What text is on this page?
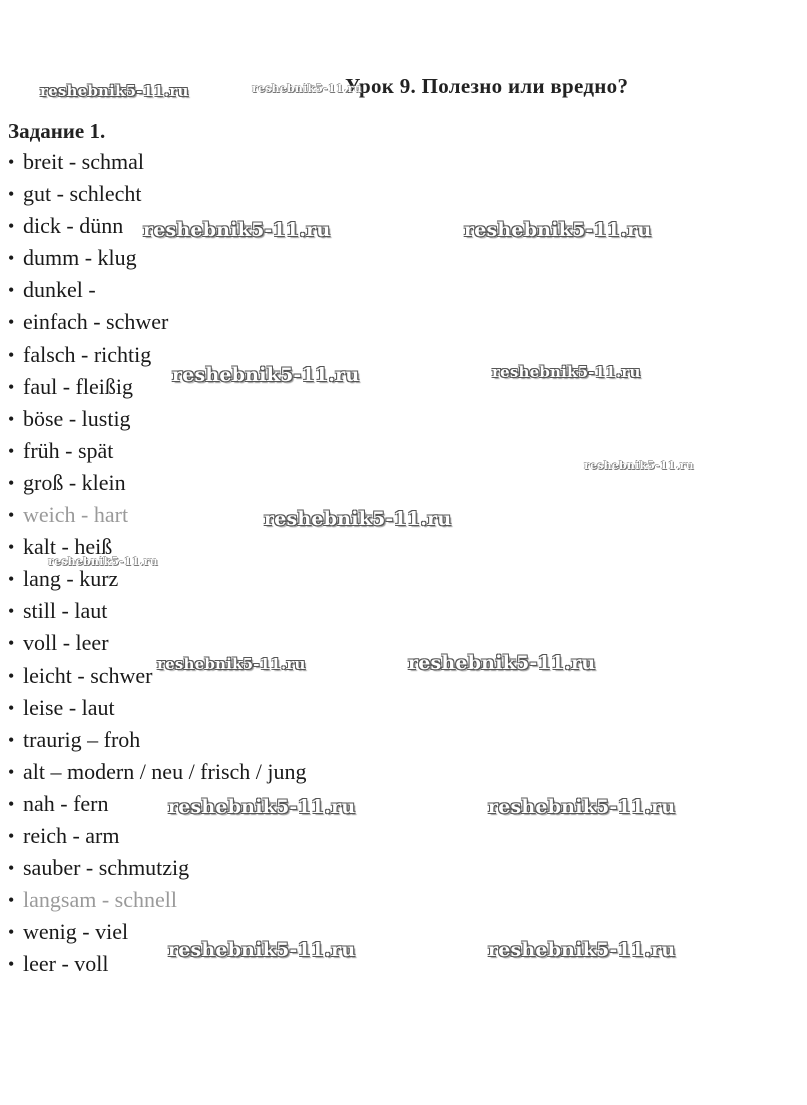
Урок 9. Полезно или вредно?
Задание 1.
• breit - schmal
• gut - schlecht
• dick - dünn
• dumm - klug
• dunkel -
• einfach - schwer
• falsch - richtig
• faul - fleißig
• böse - lustig
• früh - spät
• groß - klein
• weich - hart
• kalt - heiß
• lang - kurz
• still - laut
• voll - leer
• leicht - schwer
• leise - laut
• traurig – froh
• alt – modern / neu / frisch / jung
• nah - fern
• reich - arm
• sauber - schmutzig
• langsam - schnell
• wenig - viel
• leer - voll
reshebnik5-11.ru	reshebnik5-11.ru
reshebnik5-11.ru	reshebnik5-11.ru
reshebnik5-11.ru	reshebnik5-11.ru
reshebnik5-11.ru
reshebnik5-11.ru
reshebnik5-11.ru
reshebnik5-11.ru	reshebnik5-11.ru
reshebnik5-11.ru	reshebnik5-11.ru
reshebnik5-11.ru	reshebnik5-11.ru
